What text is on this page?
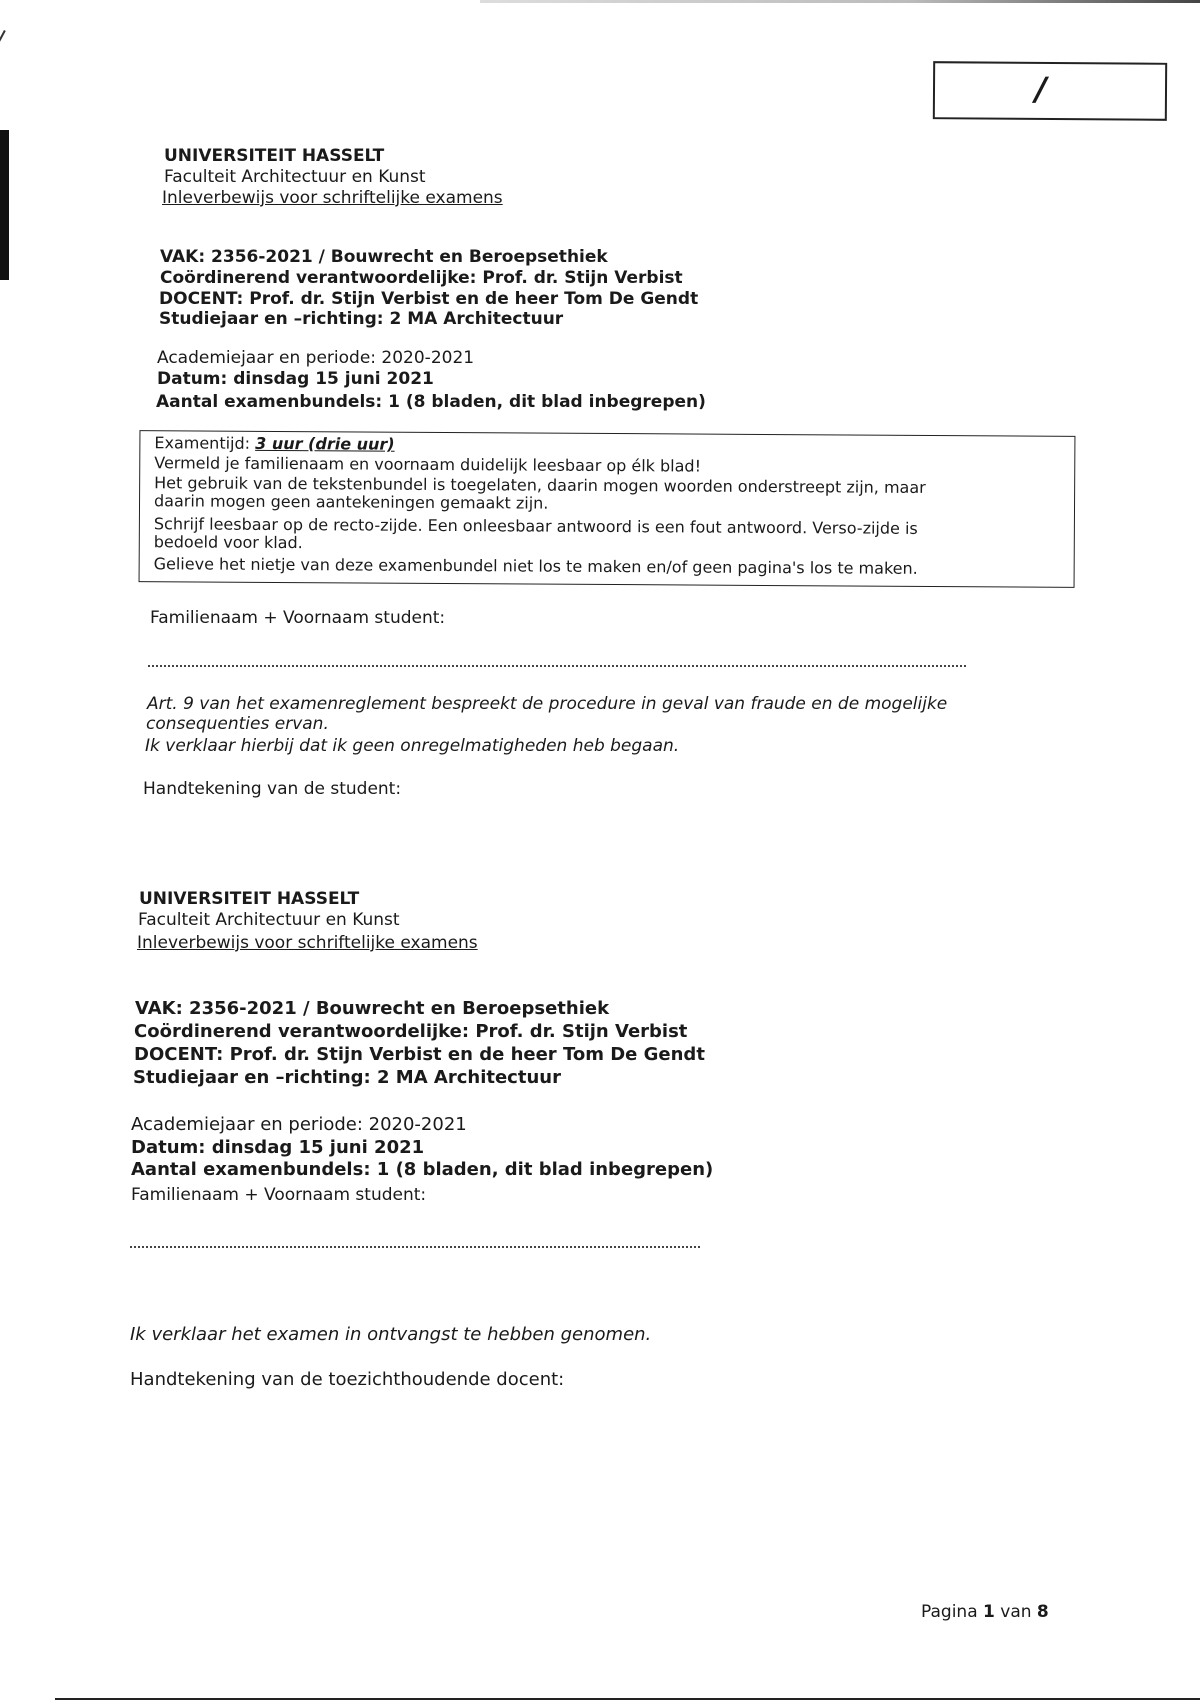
/
UNIVERSITEIT HASSELT
Faculteit Architectuur en Kunst
Inleverbewijs voor schriftelijke examens
VAK: 2356-2021 / Bouwrecht en Beroepsethiek
Coördinerend verantwoordelijke: Prof. dr. Stijn Verbist
DOCENT: Prof. dr. Stijn Verbist en de heer Tom De Gendt
Studiejaar en –richting: 2 MA Architectuur
Academiejaar en periode: 2020-2021
Datum: dinsdag 15 juni 2021
Aantal examenbundels: 1 (8 bladen, dit blad inbegrepen)
Examentijd: 3 uur (drie uur)
Vermeld je familienaam en voornaam duidelijk leesbaar op élk blad!
Het gebruik van de tekstenbundel is toegelaten, daarin mogen woorden onderstreept zijn, maar
daarin mogen geen aantekeningen gemaakt zijn.
Schrijf leesbaar op de recto-zijde. Een onleesbaar antwoord is een fout antwoord. Verso-zijde is
bedoeld voor klad.
Gelieve het nietje van deze examenbundel niet los te maken en/of geen pagina's los te maken.
Familienaam + Voornaam student:
Art. 9 van het examenreglement bespreekt de procedure in geval van fraude en de mogelijke
consequenties ervan.
Ik verklaar hierbij dat ik geen onregelmatigheden heb begaan.
Handtekening van de student:
UNIVERSITEIT HASSELT
Faculteit Architectuur en Kunst
Inleverbewijs voor schriftelijke examens
VAK: 2356-2021 / Bouwrecht en Beroepsethiek
Coördinerend verantwoordelijke: Prof. dr. Stijn Verbist
DOCENT: Prof. dr. Stijn Verbist en de heer Tom De Gendt
Studiejaar en –richting: 2 MA Architectuur
Academiejaar en periode: 2020-2021
Datum: dinsdag 15 juni 2021
Aantal examenbundels: 1 (8 bladen, dit blad inbegrepen)
Familienaam + Voornaam student:
Ik verklaar het examen in ontvangst te hebben genomen.
Handtekening van de toezichthoudende docent:
Pagina 1 van 8
